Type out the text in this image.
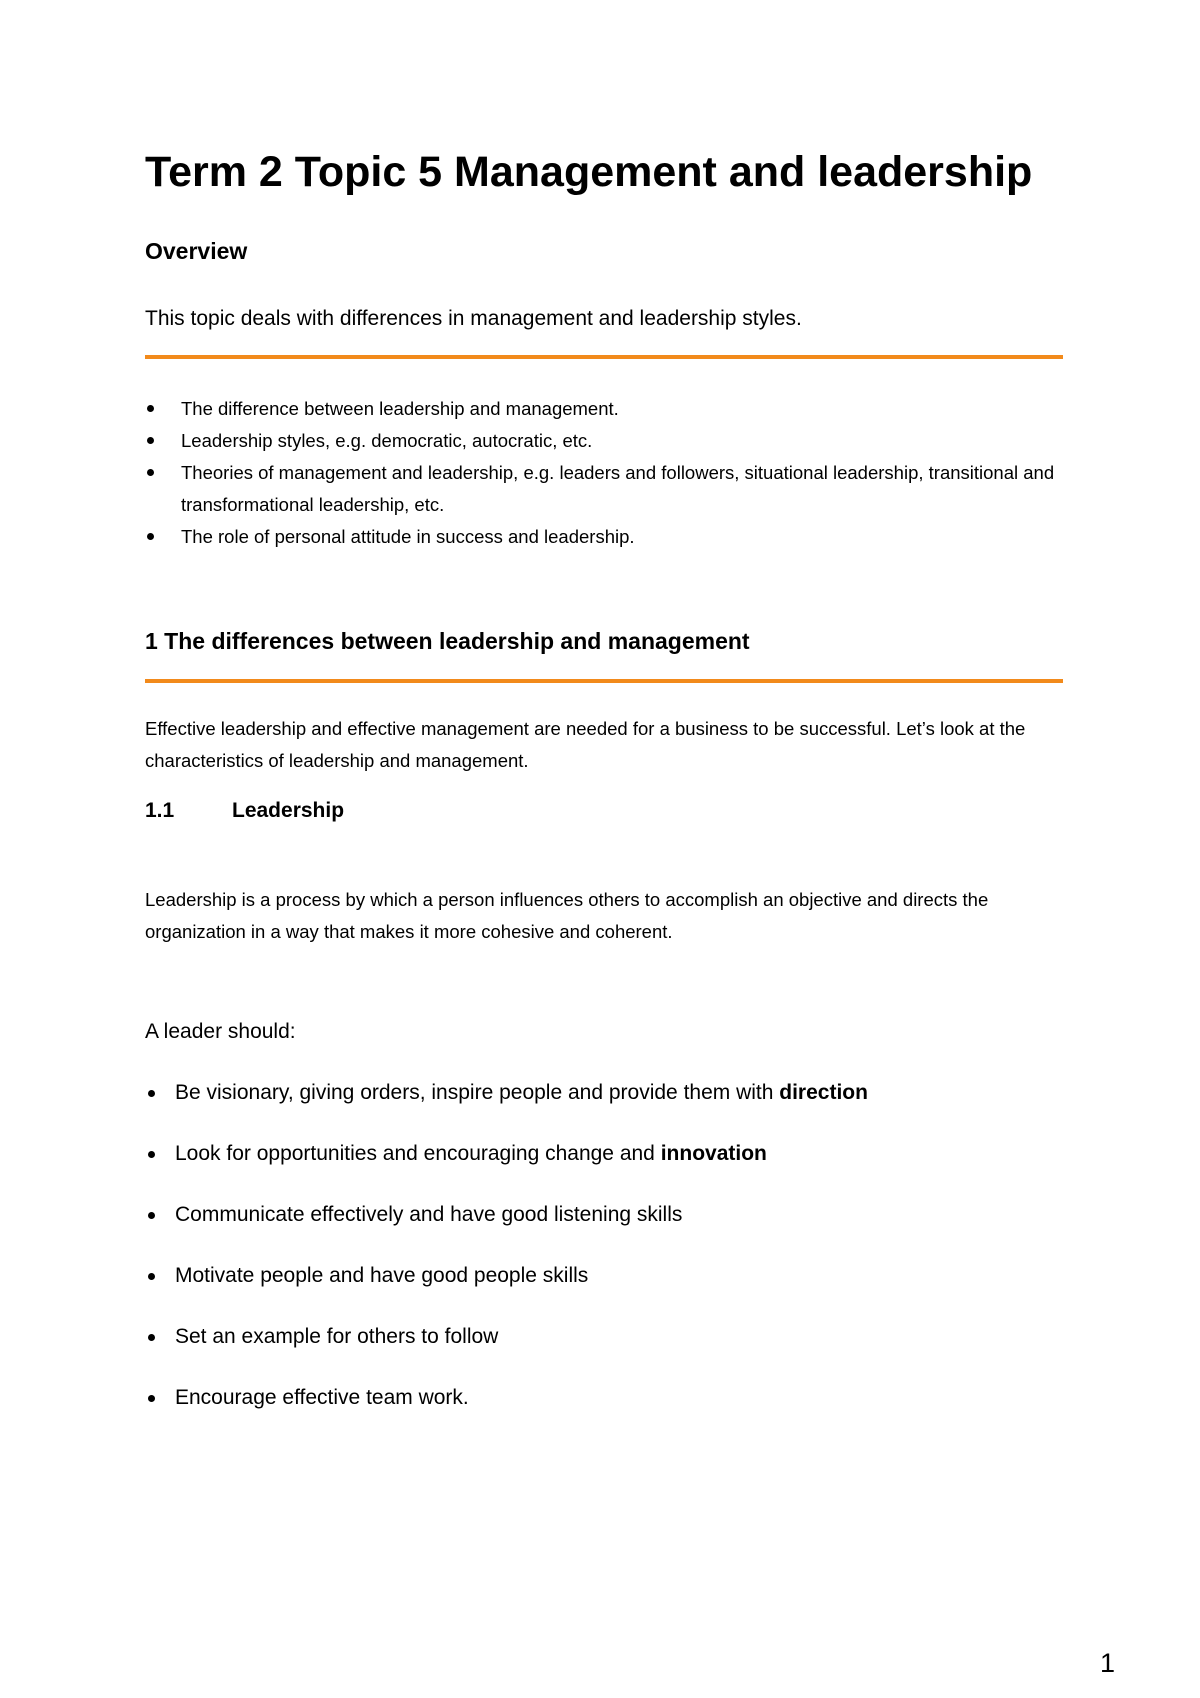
Term 2 Topic 5 Management and leadership
Overview
This topic deals with differences in management and leadership styles.
The difference between leadership and management.
Leadership styles, e.g. democratic, autocratic, etc.
Theories of management and leadership, e.g. leaders and followers, situational leadership, transitional and transformational leadership, etc.
The role of personal attitude in success and leadership.
1 The differences between leadership and management
Effective leadership and effective management are needed for a business to be successful. Let’s look at the characteristics of leadership and management.
1.1	Leadership
Leadership is a process by which a person influences others to accomplish an objective and directs the organization in a way that makes it more cohesive and coherent.
A leader should:
Be visionary, giving orders, inspire people and provide them with direction
Look for opportunities and encouraging change and innovation
Communicate effectively and have good listening skills
Motivate people and have good people skills
Set an example for others to follow
Encourage effective team work.
1
